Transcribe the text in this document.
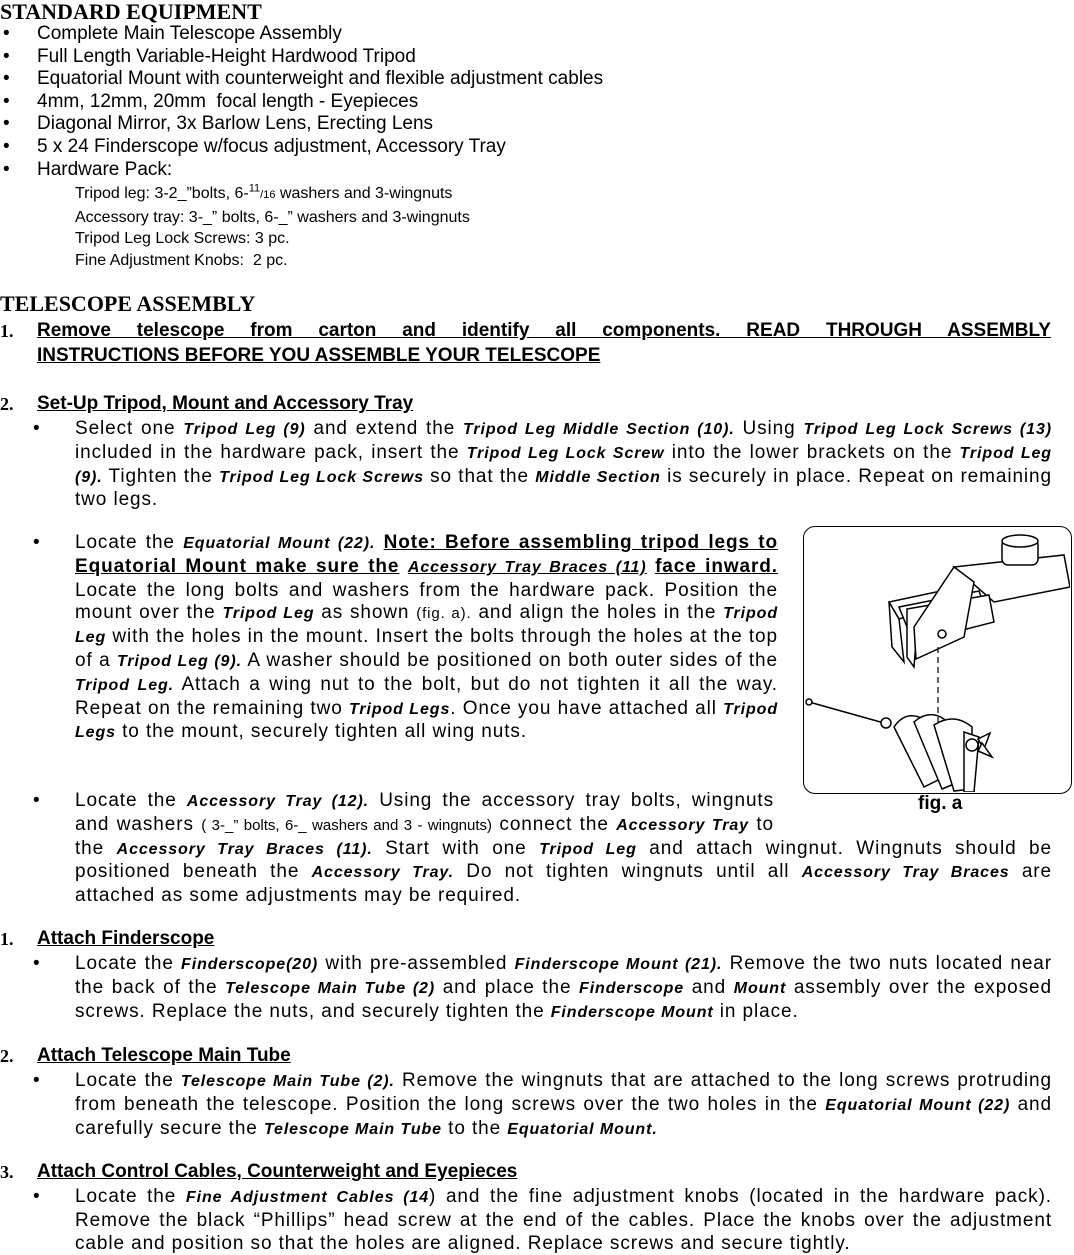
STANDARD EQUIPMENT
• Complete Main Telescope Assembly
• Full Length Variable-Height Hardwood Tripod
• Equatorial Mount with counterweight and flexible adjustment cables
• 4mm, 12mm, 20mm  focal length - Eyepieces
• Diagonal Mirror, 3x Barlow Lens, Erecting Lens
• 5 x 24 Finderscope w/focus adjustment, Accessory Tray
• Hardware Pack:
Tripod leg: 3-2_”bolts, 6-$^{11}$/16 washers and 3-wingnuts
Accessory tray: 3-_” bolts, 6-_” washers and 3-wingnuts
Tripod Leg Lock Screws: 3 pc.
Fine Adjustment Knobs:  2 pc.
TELESCOPE ASSEMBLY
1. Remove telescope from carton and identify all components. READ THROUGH ASSEMBLY
INSTRUCTIONS BEFORE YOU ASSEMBLE YOUR TELESCOPE
2. Set-Up Tripod, Mount and Accessory Tray
• Select one Tripod Leg (9) and extend the Tripod Leg Middle Section (10). Using Tripod Leg Lock Screws (13) included in the hardware pack, insert the Tripod Leg Lock Screw into the lower brackets on the Tripod Leg (9). Tighten the Tripod Leg Lock Screws so that the Middle Section is securely in place. Repeat on remaining two legs.

• Locate the Equatorial Mount (22). Note: Before assembling tripod legs to Equatorial Mount make sure the Accessory Tray Braces (11) face inward. Locate the long bolts and washers from the hardware pack. Position the mount over the Tripod Leg as shown (fig. a). and align the holes in the Tripod Leg with the holes in the mount. Insert the bolts through the holes at the top of a Tripod Leg (9). A washer should be positioned on both outer sides of the Tripod Leg. Attach a wing nut to the bolt, but do not tighten it all the way. Repeat on the remaining two Tripod Legs. Once you have attached all Tripod Legs to the mount, securely tighten all wing nuts.

• Locate the Accessory Tray (12). Using the accessory tray bolts, wingnuts and washers ( 3-_” bolts, 6-_ washers and 3 - wingnuts) connect the Accessory Tray to the Accessory Tray Braces (11). Start with one Tripod Leg and attach wingnut. Wingnuts should be positioned beneath the Accessory Tray. Do not tighten wingnuts until all Accessory Tray Braces are attached as some adjustments may be required.

fig. a
1. Attach Finderscope
• Locate the Finderscope(20) with pre-assembled Finderscope Mount (21). Remove the two nuts located near the back of the Telescope Main Tube (2) and place the Finderscope and Mount assembly over the exposed screws. Replace the nuts, and securely tighten the Finderscope Mount in place.

2. Attach Telescope Main Tube
• Locate the Telescope Main Tube (2). Remove the wingnuts that are attached to the long screws protruding from beneath the telescope. Position the long screws over the two holes in the Equatorial Mount (22) and carefully secure the Telescope Main Tube to the Equatorial Mount.

3. Attach Control Cables, Counterweight and Eyepieces
• Locate the Fine Adjustment Cables (14) and the fine adjustment knobs (located in the hardware pack). Remove the black “Phillips” head screw at the end of the cables. Place the knobs over the adjustment cable and position so that the holes are aligned. Replace screws and secure tightly.
